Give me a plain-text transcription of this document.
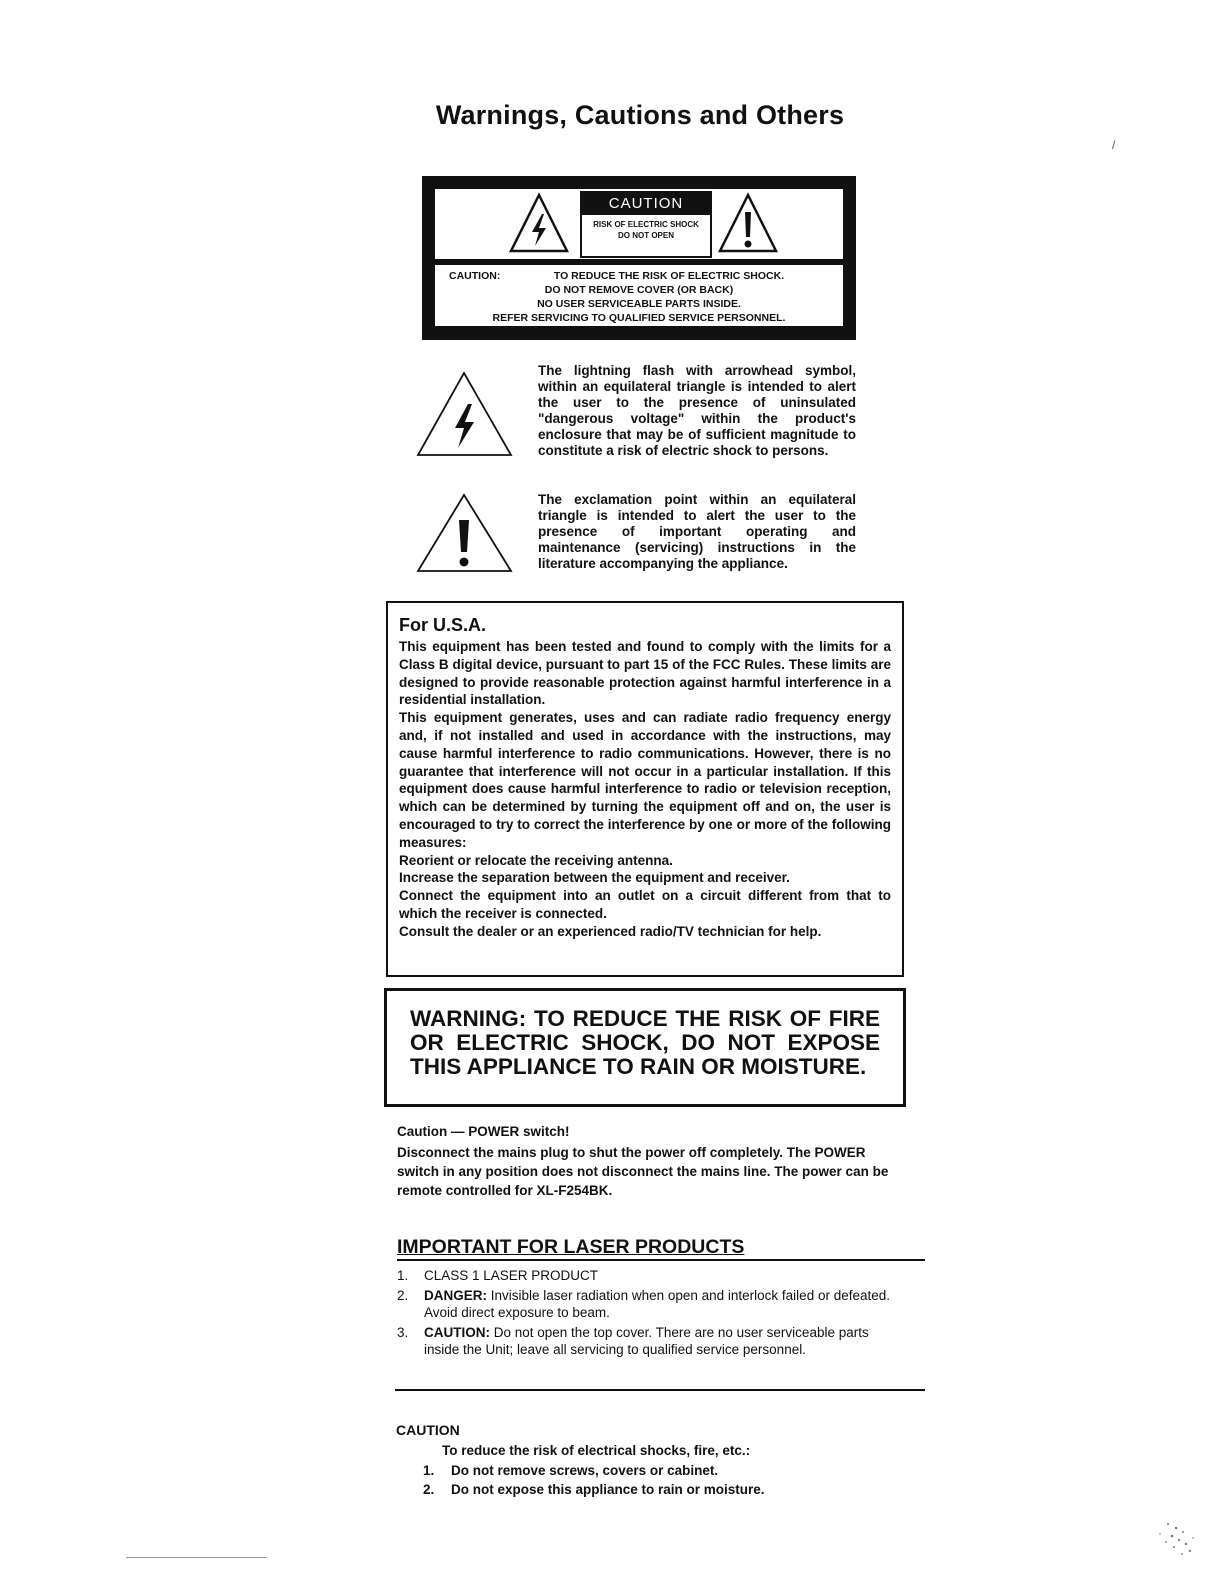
Warnings, Cautions and Others
/
CAUTION
RISK OF ELECTRIC SHOCK
DO NOT OPEN
CAUTION:	TO REDUCE THE RISK OF ELECTRIC SHOCK.
DO NOT REMOVE COVER (OR BACK)
NO USER SERVICEABLE PARTS INSIDE.
REFER SERVICING TO QUALIFIED SERVICE PERSONNEL.
The lightning flash with arrowhead symbol, within an equilateral triangle is intended to alert the user to the presence of uninsulated "dangerous voltage" within the product's enclosure that may be of sufficient magnitude to constitute a risk of electric shock to persons.
The exclamation point within an equilateral triangle is intended to alert the user to the presence of important operating and maintenance (servicing) instructions in the literature accompanying the appliance.
For U.S.A.
This equipment has been tested and found to comply with the limits for a Class B digital device, pursuant to part 15 of the FCC Rules. These limits are designed to provide reasonable protection against harmful interference in a residential installation.
This equipment generates, uses and can radiate radio frequency energy and, if not installed and used in accordance with the instructions, may cause harmful interference to radio communications. However, there is no guarantee that interference will not occur in a particular installation. If this equipment does cause harmful interference to radio or television reception, which can be determined by turning the equipment off and on, the user is encouraged to try to correct the interference by one or more of the following measures:
Reorient or relocate the receiving antenna.
Increase the separation between the equipment and receiver.
Connect the equipment into an outlet on a circuit different from that to which the receiver is connected.
Consult the dealer or an experienced radio/TV technician for help.
WARNING: TO REDUCE THE RISK OF FIRE OR ELECTRIC SHOCK, DO NOT EXPOSE THIS APPLIANCE TO RAIN OR MOISTURE.
Caution — POWER switch!
Disconnect the mains plug to shut the power off completely. The POWER switch in any position does not disconnect the mains line. The power can be remote controlled for XL-F254BK.
IMPORTANT FOR LASER PRODUCTS
1. CLASS 1 LASER PRODUCT
2. DANGER: Invisible laser radiation when open and interlock failed or defeated. Avoid direct exposure to beam.
3. CAUTION: Do not open the top cover. There are no user serviceable parts inside the Unit; leave all servicing to qualified service personnel.
CAUTION
To reduce the risk of electrical shocks, fire, etc.:
1. Do not remove screws, covers or cabinet.
2. Do not expose this appliance to rain or moisture.
